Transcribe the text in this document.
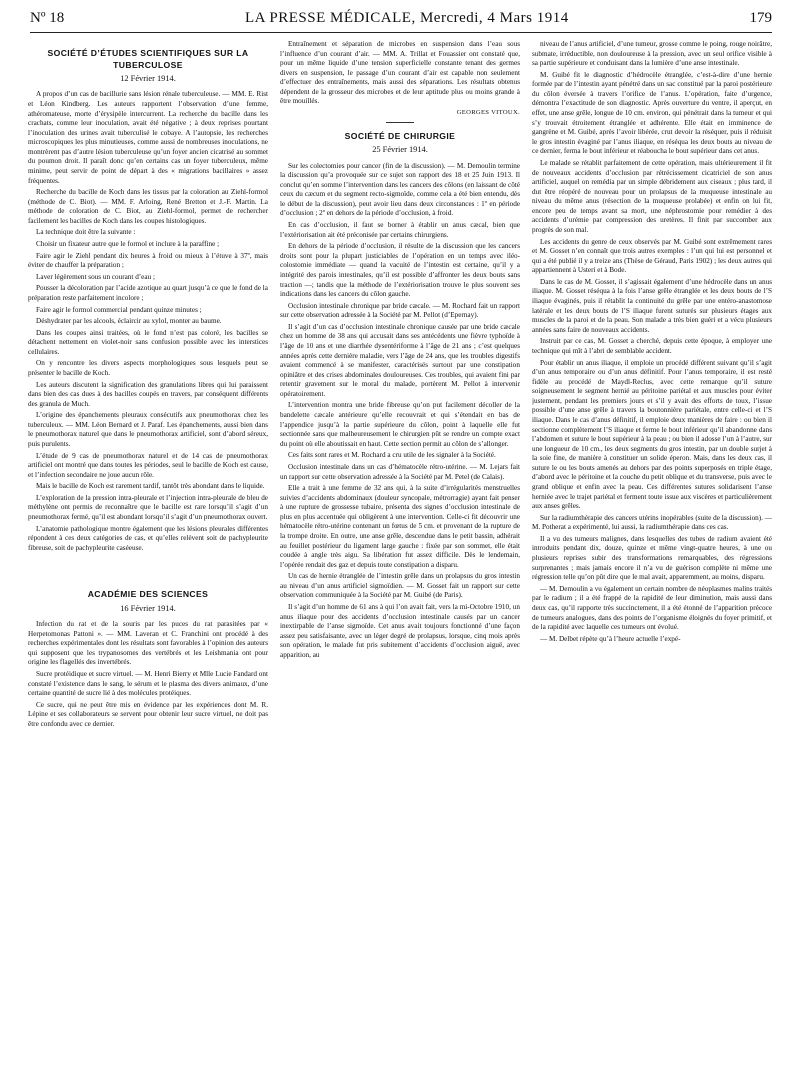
Nº 18	LA PRESSE MÉDICALE, Mercredi, 4 Mars 1914	179
SOCIÉTÉ D’ÉTUDES SCIENTIFIQUES SUR LA TUBERCULOSE
12 Février 1914.

A propos d’un cas de bacillurie sans lésion rénale tuberculeuse. — MM. E. Rist et Léon Kindberg. Les auteurs rapportent l’observation d’une femme, athéromateuse, morte d’érysipèle intercurrent. La recherche du bacille dans les crachats, comme leur inoculation, avait été négative ; à deux reprises pourtant l’inoculation des urines avait tuberculisé le cobaye. A l’autopsie, les recherches microscopiques les plus minutieuses, comme aussi de nombreuses inoculations, ne montrèrent pas d’autre lésion tuberculeuse qu’un foyer ancien cicatrisé au sommet du poumon droit. Il paraît donc qu’en certains cas un foyer tuberculeux, même minime, peut servir de point de départ à des « migrations bacillaires » assez fréquentes.

Recherche du bacille de Koch dans les tissus par la coloration au Ziehl-formol (méthode de C. Biot). — MM. F. Arloing, René Bretton et J.-F. Martin. La méthode de coloration de C. Biot, au Ziehl-formol, permet de rechercher facilement les bacilles de Koch dans les coupes histologiques.

La technique doit être la suivante :

Choisir un fixateur autre que le formol et inclure à la paraffine ;

Faire agir le Ziehl pendant dix heures à froid ou mieux à l’étuve à 37º, mais éviter de chauffer la préparation ;

Laver légèrement sous un courant d’eau ;

Pousser la décoloration par l’acide azotique au quart jusqu’à ce que le fond de la préparation reste parfaitement incolore ;

Faire agir le formol commercial pendant quinze minutes ;

Déshydrater par les alcools, éclaircir au xylol, monter au baume.

Dans les coupes ainsi traitées, où le fond n’est pas coloré, les bacilles se détachent nettement en violet-noir sans confusion possible avec les interstices cellulaires.

On y rencontre les divers aspects morphologiques sous lesquels peut se présenter le bacille de Koch.

Les auteurs discutent la signification des granulations libres qui lui paraissent dans bien des cas dues à des bacilles coupés en travers, par conséquent différents des granula de Much.

L’origine des épanchements pleuraux consécutifs aux pneumothorax chez les tuberculeux. — MM. Léon Bernard et J. Paraf. Les épanchements, aussi bien dans le pneumothorax naturel que dans le pneumothorax artificiel, sont d’abord séreux, puis purulents.

L’étude de 9 cas de pneumothorax naturel et de 14 cas de pneumothorax artificiel ont montré que dans toutes les périodes, seul le bacille de Koch est cause, et l’infection secondaire ne joue aucun rôle.

Mais le bacille de Koch est rarement tardif, tantôt très abondant dans le liquide.

L’exploration de la pression intra-pleurale et l’injection intra-pleurale de bleu de méthylène ont permis de reconnaître que le bacille est rare lorsqu’il s’agit d’un pneumothorax fermé, qu’il est abondant lorsqu’il s’agit d’un pneumothorax ouvert.

L’anatomie pathologique montre également que les lésions pleurales différentes répondent à ces deux catégories de cas, et qu’elles relèvent soit de pachypleurite fibreuse, soit de pachypleurite caséeuse.

ACADÉMIE DES SCIENCES
16 Février 1914.

Infection du rat et de la souris par les puces du rat parasitées par « Herpetomonas Pattoni ». — MM. Laveran et C. Franchini ont procédé à des recherches expérimentales dont les résultats sont favorables à l’opinion des auteurs qui supposent que les trypanosomes des vertébrés et les Leishmania ont pour origine les flagellés des invertébrés.

Sucre protéidique et sucre virtuel. — M. Henri Bierry et Mlle Lucie Fandard ont constaté l’existence dans le sang, le sérum et le plasma des divers animaux, d’une certaine quantité de sucre lié à des molécules protéiques.

Ce sucre, qui ne peut être mis en évidence par les expériences dont M. R. Lépine et ses collaborateurs se servent pour obtenir leur sucre virtuel, ne doit pas être confondu avec ce dernier.

Entraînement et séparation de microbes en suspension dans l’eau sous l’influence d’un courant d’air. — MM. A. Trillat et Fouassier ont constaté que, pour un même liquide d’une tension superficielle constante tenant des germes divers en suspension, le passage d’un courant d’air est capable non seulement d’effectuer des entraînements, mais aussi des séparations. Les résultats obtenus dépendent de la grosseur des microbes et de leur aptitude plus ou moins grande à être mouillés.

GEORGES VITOUX.
SOCIÉTÉ DE CHIRURGIE
25 Février 1914.

Sur les colectomies pour cancer (fin de la discussion). — M. Demoulin termine la discussion qu’a provoquée sur ce sujet son rapport des 18 et 25 Juin 1913. Il conclut qu’en somme l’intervention dans les cancers des côlons (en laissant de côté ceux du cæcum et du segment recto-sigmoïde, comme cela a été bien entendu, dès le début de la discussion), peut avoir lieu dans deux circonstances : 1º en période d’occlusion ; 2º en dehors de la période d’occlusion, à froid.

En cas d’occlusion, il faut se borner à établir un anus cæcal, bien que l’extériorisation ait été préconisée par certains chirurgiens.

En dehors de la période d’occlusion, il résulte de la discussion que les cancers droits sont pour la plupart justiciables de l’opération en un temps avec iléo-colostomie immédiate — quand la vacuité de l’intestin est certaine, qu’il y a intégrité des parois intestinales, qu’il est possible d’affronter les deux bouts sans traction —; tandis que la méthode de l’extériorisation trouve le plus souvent ses indications dans les cancers du côlon gauche.

Occlusion intestinale chronique par bride cæcale. — M. Rochard fait un rapport sur cette observation adressée à la Société par M. Pellot (d’Epernay).

Il s’agit d’un cas d’occlusion intestinale chronique causée par une bride cæcale chez un homme de 38 ans qui accusait dans ses antécédents une fièvre typhoïde à l’âge de 10 ans et une diarrhée dysentériforme à l’âge de 21 ans ; c’est quelques années après cette dernière maladie, vers l’âge de 24 ans, que les troubles digestifs avaient commencé à se manifester, caractérisés surtout par une constipation opiniâtre et des crises abdominales douloureuses. Ces troubles, qui avaient fini par retentir gravement sur le moral du malade, portèrent M. Pellot à intervenir opératoirement.

L’intervention montra une bride fibreuse qu’on put facilement décoller de la bandelette cæcale antérieure qu’elle recouvrait et qui s’étendait en bas de l’appendice jusqu’à la partie supérieure du côlon, point à laquelle elle fut sectionnée sans que malheureusement le chirurgien pût se rendre un compte exact du point où elle aboutissait en haut. Cette section permit au côlon de s’allonger.

Ces faits sont rares et M. Rochard a cru utile de les signaler à la Société.

Occlusion intestinale dans un cas d’hématocèle rétro-utérine. — M. Lejars fait un rapport sur cette observation adressée à la Société par M. Petel (de Calais).

Elle a trait à une femme de 32 ans qui, à la suite d’irrégularités menstruelles suivies d’accidents abdominaux (douleur syncopale, métrorragie) ayant fait penser à une rupture de grossesse tubaire, présenta des signes d’occlusion intestinale de plus en plus accentuée qui obligèrent à une intervention. Celle-ci fit découvrir une hématocèle rétro-utérine contenant un fœtus de 5 cm. et provenant de la rupture de la trompe droite. En outre, une anse grêle, descendue dans le petit bassin, adhérait au feuillet postérieur du ligament large gauche : fixée par son sommet, elle était coudée à angle très aigu. Sa libération fut assez difficile. Dès le lendemain, l’opérée rendait des gaz et depuis toute constipation a disparu.

Un cas de hernie étranglée de l’intestin grêle dans un prolapsus du gros intestin au niveau d’un anus artificiel sigmoïdien. — M. Gosset fait un rapport sur cette observation communiquée à la Société par M. Guibé (de Paris).

Il s’agit d’un homme de 61 ans à qui l’on avait fait, vers la mi-Octobre 1910, un anus iliaque pour des accidents d’occlusion intestinale causés par un cancer inextirpable de l’anse sigmoïde. Cet anus avait toujours fonctionné d’une façon assez peu satisfaisante, avec un léger degré de prolapsus, lorsque, cinq mois après son opération, le malade fut pris subitement d’accidents d’occlusion aiguë, avec apparition, au

niveau de l’anus artificiel, d’une tumeur, grosse comme le poing, rouge noirâtre, submate, irréductible, non douloureuse à la pression, avec un seul orifice visible à sa partie supérieure et conduisant dans la lumière d’une anse intestinale.

M. Guibé fit le diagnostic d’hédrocèle étranglée, c’est-à-dire d’une hernie formée par de l’intestin ayant pénétré dans un sac constitué par la paroi postérieure du côlon éversée à travers l’orifice de l’anus. L’opération, faite d’urgence, démontra l’exactitude de son diagnostic. Après ouverture du ventre, il aperçut, en effet, une anse grêle, longue de 10 cm. environ, qui pénétrait dans la tumeur et qui s’y trouvait étroitement étranglée et adhérente. Elle était en imminence de gangrène et M. Guibé, après l’avoir libérée, crut devoir la réséquer, puis il réduisit le gros intestin évaginé par l’anus iliaque, en réséqua les deux bouts au niveau de ce dernier, ferma le bout inférieur et réaboucha le bout supérieur dans cet anus.

Le malade se rétablit parfaitement de cette opération, mais ultérieurement il fit de nouveaux accidents d’occlusion par rétrécissement cicatriciel de son anus artificiel, auquel on remédia par un simple débridement aux ciseaux ; plus tard, il dut être réopéré de nouveau pour un prolapsus de la muqueuse intestinale au niveau du même anus (résection de la muqueuse prolabée) et enfin on lui fit, encore peu de temps avant sa mort, une néphrostomie pour remédier à des accidents d’urémie par compression des uretères. Il finit par succomber aux progrès de son mal.

Les accidents du genre de ceux observés par M. Guibé sont extrêmement rares et M. Gosset n’en connaît que trois autres exemples : l’un qui lui est personnel et qui a été publié il y a treize ans (Thèse de Géraud, Paris 1902) ; les deux autres qui appartiennent à Usteri et à Bode.

Dans le cas de M. Gosset, il s’agissait également d’une hédrocèle dans un anus iliaque. M. Gosset réséqua à la fois l’anse grêle étranglée et les deux bouts de l’S iliaque évaginés, puis il rétablit la continuité du grêle par une entéro-anastomose latérale et les deux bouts de l’S iliaque furent suturés sur plusieurs étages aux muscles de la paroi et de la peau. Son malade a très bien guéri et a vécu plusieurs années sans faire de nouveaux accidents.

Instruit par ce cas, M. Gosset a cherché, depuis cette époque, à employer une technique qui mît à l’abri de semblable accident.

Pour établir un anus iliaque, il emploie un procédé différent suivant qu’il s’agit d’un anus temporaire ou d’un anus définitif. Pour l’anus temporaire, il est resté fidèle au procédé de Maydl-Reclus, avec cette remarque qu’il suture soigneusement le segment hernié au péritoine pariétal et aux muscles pour éviter justement, pendant les premiers jours et s’il y avait des efforts de toux, l’issue possible d’une anse grêle à travers la boutonnière pariétale, entre celle-ci et l’S iliaque. Dans le cas d’anus définitif, il emploie deux manières de faire : ou bien il sectionne complètement l’S iliaque et ferme le bout inférieur qu’il abandonne dans l’abdomen et suture le bout supérieur à la peau ; ou bien il adosse l’un à l’autre, sur une longueur de 10 cm., les deux segments du gros intestin, par un double surjet à la soie fine, de manière à constituer un solide éperon. Mais, dans les deux cas, il suture le ou les bouts amenés au dehors par des points superposés en triple étage, d’abord avec le péritoine et la couche du petit oblique et du transverse, puis avec le grand oblique et enfin avec la peau. Ces différentes sutures solidarisent l’anse herniée avec le trajet pariétal et ferment toute issue aux viscères et particulièrement aux anses grêles.

Sur la radiumthérapie des cancers utérins inopérables (suite de la discussion). — M. Potherat a expérimenté, lui aussi, la radiumthérapie dans ces cas.

Il a vu des tumeurs malignes, dans lesquelles des tubes de radium avaient été introduits pendant dix, douze, quinze et même vingt-quatre heures, à une ou plusieurs reprises subir des transformations remarquables, des régressions surprenantes ; mais jamais encore il n’a vu de guérison complète ni même une régression telle qu’on pût dire que le mal avait, apparemment, au moins, disparu.

— M. Demoulin a vu également un certain nombre de néoplasmes malins traités par le radium ; il a été frappé de la rapidité de leur diminution, mais aussi dans deux cas, qu’il rapporte très succinctement, il a été étonné de l’apparition précoce de tumeurs analogues, dans des points de l’organisme éloignés du foyer primitif, et de la rapidité avec laquelle ces tumeurs ont évolué.

— M. Delbet répète qu’à l’heure actuelle l’expé-
